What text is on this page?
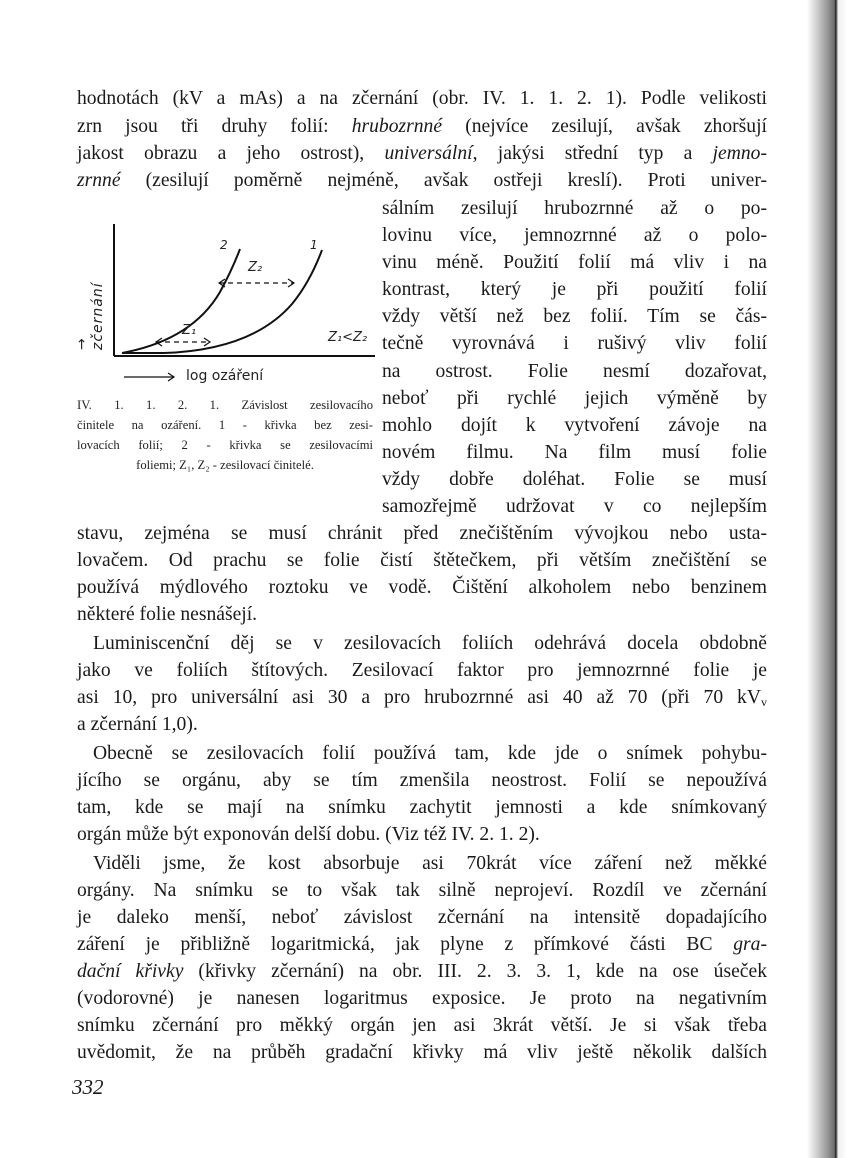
hodnotách (kV a mAs) a na zčernání (obr. IV. 1. 1. 2. 1). Podle velikosti
zrn jsou tři druhy folií: hrubozrnné (nejvíce zesilují, avšak zhoršují
jakost obrazu a jeho ostrost), universální, jakýsi střední typ a jemno-
zrnné (zesilují poměrně nejméně, avšak ostřeji kreslí). Proti univer-
→ zčernání
2	1
Z₂
Z₁	Z₁<Z₂
log ozáření
IV. 1. 1. 2. 1. Závislost zesilovacího
činitele na ozáření. 1 - křivka bez zesi-
lovacích folií; 2 - křivka se zesilovacími
foliemi; Z₁, Z₂ - zesilovací činitelé.
sálním zesilují hrubozrnné až o po-
lovinu více, jemnozrnné až o polo-
vinu méně. Použití folií má vliv i na
kontrast, který je při použití folií
vždy větší než bez folií. Tím se čás-
tečně vyrovnává i rušivý vliv folií
na ostrost. Folie nesmí dozařovat,
neboť při rychlé jejich výměně by
mohlo dojít k vytvoření závoje na
novém filmu. Na film musí folie
vždy dobře doléhat. Folie se musí
samozřejmě udržovat v co nejlepším
stavu, zejména se musí chránit před znečištěním vývojkou nebo usta-
lovačem. Od prachu se folie čistí štětečkem, při větším znečištění se
používá mýdlového roztoku ve vodě. Čištění alkoholem nebo benzinem
některé folie nesnášejí.
Luminiscenční děj se v zesilovacích foliích odehrává docela obdobně
jako ve foliích štítových. Zesilovací faktor pro jemnozrnné folie je
asi 10, pro universální asi 30 a pro hrubozrnné asi 40 až 70 (při 70 $kV_v$
a zčernání 1,0).
Obecně se zesilovacích folií používá tam, kde jde o snímek pohybu-
jícího se orgánu, aby se tím zmenšila neostrost. Folií se nepoužívá
tam, kde se mají na snímku zachytit jemnosti a kde snímkovaný
orgán může být exponován delší dobu. (Viz též IV. 2. 1. 2).
Viděli jsme, že kost absorbuje asi 70krát více záření než měkké
orgány. Na snímku se to však tak silně neprojeví. Rozdíl ve zčernání
je daleko menší, neboť závislost zčernání na intensitě dopadajícího
záření je přibližně logaritmická, jak plyne z přímkové části BC gra-
dační křivky (křivky zčernání) na obr. III. 2. 3. 3. 1, kde na ose úseček
(vodorovné) je nanesen logaritmus exposice. Je proto na negativním
snímku zčernání pro měkký orgán jen asi 3krát větší. Je si však třeba
uvědomit, že na průběh gradační křivky má vliv ještě několik dalších
332
